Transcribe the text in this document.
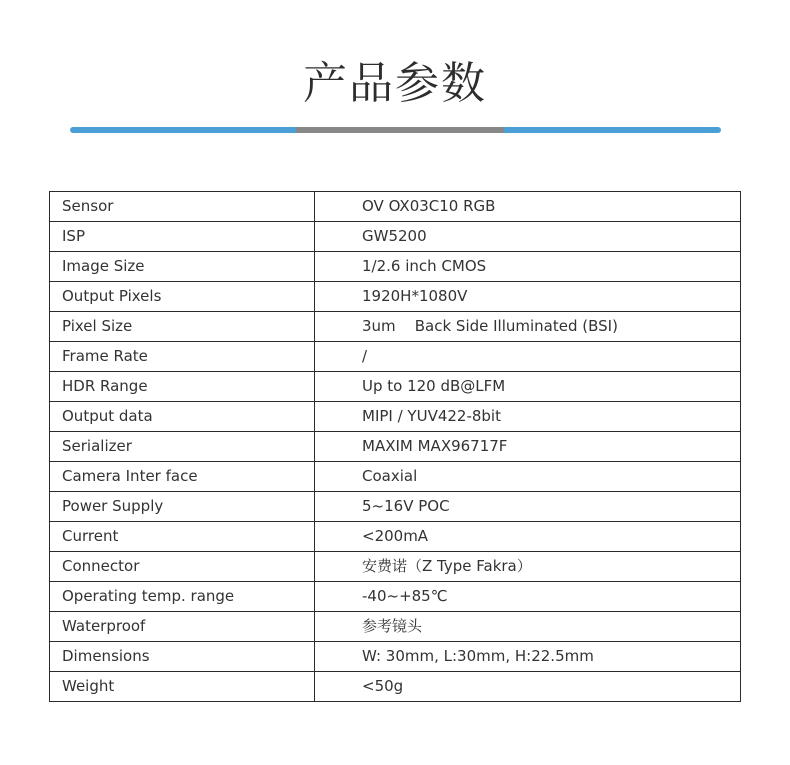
产品参数
Sensor	OV OX03C10 RGB
ISP	GW5200
Image Size	1/2.6 inch CMOS
Output Pixels	1920H*1080V
Pixel Size	3um    Back Side Illuminated (BSI)
Frame Rate	/
HDR Range	Up to 120 dB@LFM
Output data	MIPI / YUV422-8bit
Serializer	MAXIM MAX96717F
Camera Inter face	Coaxial
Power Supply	5~16V POC
Current	<200mA
Connector	安费诺（Z Type Fakra）
Operating temp. range	-40~+85℃
Waterproof	参考镜头
Dimensions	W: 30mm, L:30mm, H:22.5mm
Weight	<50g
